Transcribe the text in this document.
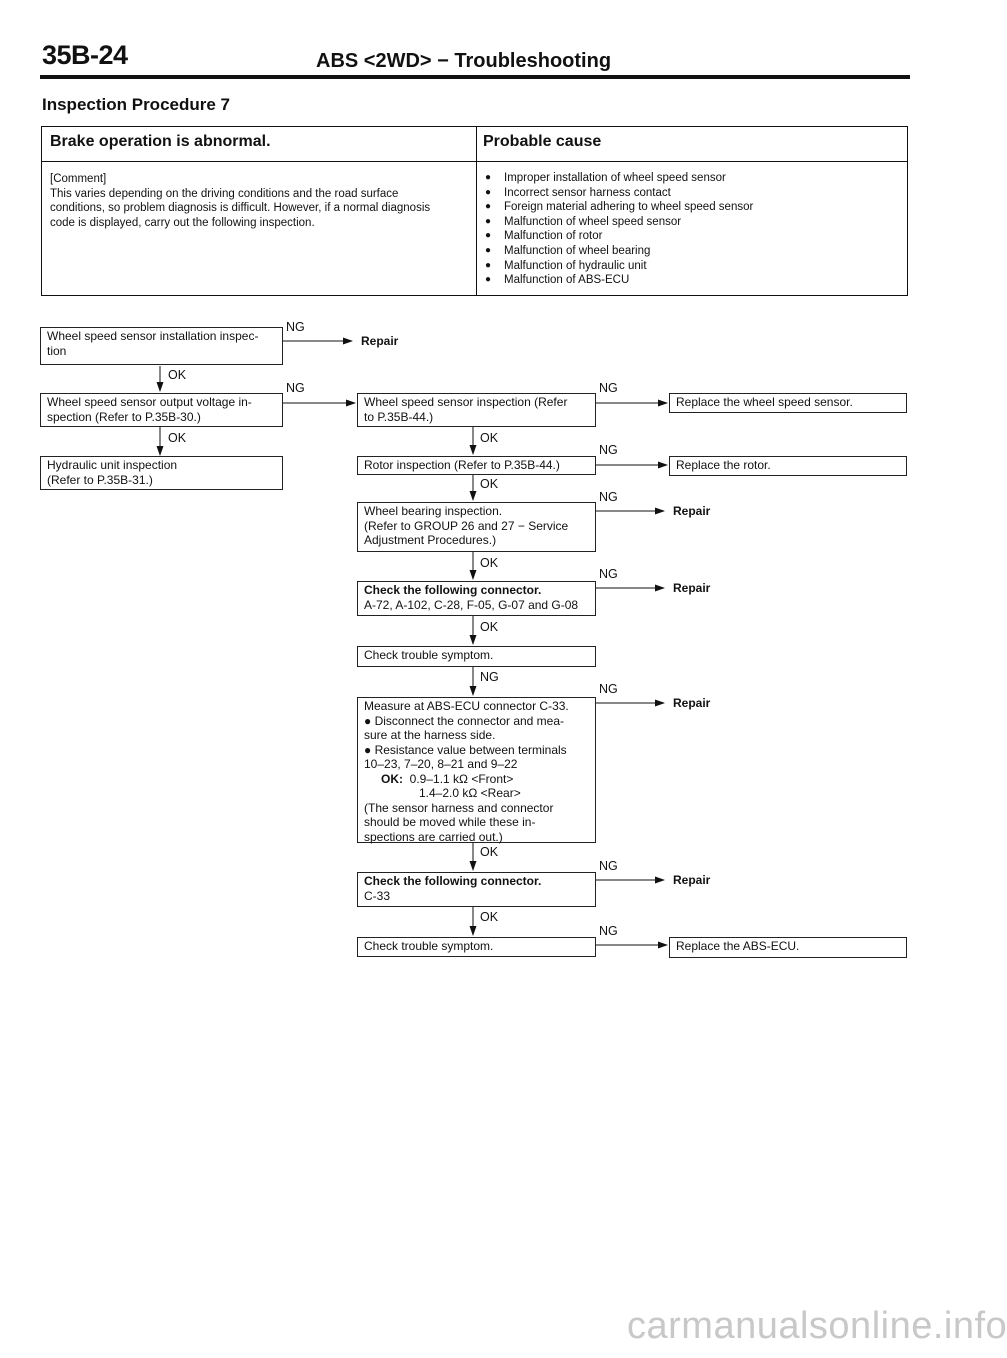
35B-24	ABS <2WD> − Troubleshooting
Inspection Procedure 7
Brake operation is abnormal.	Probable cause
[Comment]
This varies depending on the driving conditions and the road surface
conditions, so problem diagnosis is difficult. However, if a normal diagnosis
code is displayed, carry out the following inspection.
● Improper installation of wheel speed sensor
● Incorrect sensor harness contact
● Foreign material adhering to wheel speed sensor
● Malfunction of wheel speed sensor
● Malfunction of rotor
● Malfunction of wheel bearing
● Malfunction of hydraulic unit
● Malfunction of ABS-ECU
Wheel speed sensor installation inspec-
tion
NG
Repair
OK
Wheel speed sensor output voltage in-
spection (Refer to P.35B-30.)
NG
OK
Hydraulic unit inspection
(Refer to P.35B-31.)
Wheel speed sensor inspection (Refer
to P.35B-44.)
NG
Replace the wheel speed sensor.
OK
Rotor inspection (Refer to P.35B-44.)
NG
Replace the rotor.
OK
Wheel bearing inspection.
(Refer to GROUP 26 and 27 − Service
Adjustment Procedures.)
NG
Repair
OK
Check the following connector.
A-72, A-102, C-28, F-05, G-07 and G-08
NG
Repair
OK
Check trouble symptom.
NG
Measure at ABS-ECU connector C-33.
● Disconnect the connector and mea-
sure at the harness side.
● Resistance value between terminals
10–23, 7–20, 8–21 and 9–22
OK: 0.9–1.1 kΩ <Front>
1.4–2.0 kΩ <Rear>
(The sensor harness and connector
should be moved while these in-
spections are carried out.)
NG
Repair
OK
Check the following connector.
C-33
NG
Repair
OK
Check trouble symptom.
NG
Replace the ABS-ECU.
carmanualsonline.info
